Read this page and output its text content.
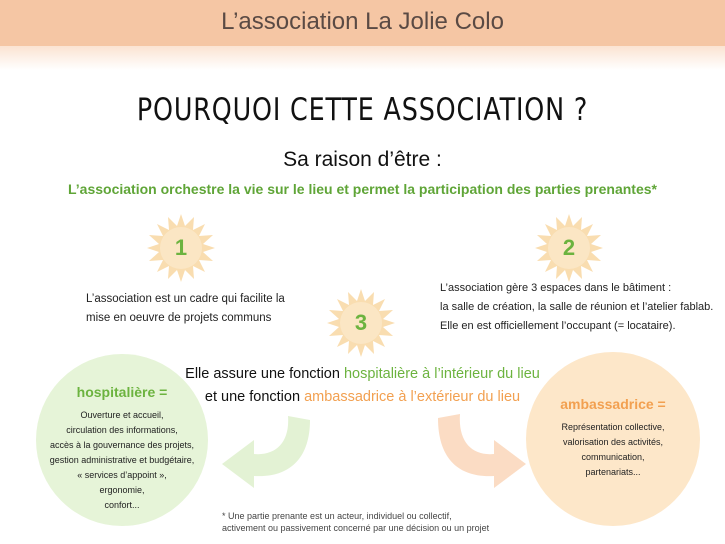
L’association La Jolie Colo
POURQUOI CETTE ASSOCIATION ?
Sa raison d’être :
L’association orchestre la vie sur le lieu et permet la participation des parties prenantes*
1	2
3
L’association est un cadre qui facilite la
mise en oeuvre de projets communs
L’association gère 3 espaces dans le bâtiment :
la salle de création, la salle de réunion et l’atelier fablab.
Elle en est officiellement l’occupant (= locataire).
Elle assure une fonction hospitalière à l’intérieur du lieu
et une fonction ambassadrice à l’extérieur du lieu
hospitalière =
Ouverture et accueil,
circulation des informations,
accès à la gouvernance des projets,
gestion administrative et budgétaire,
« services d’appoint »,
ergonomie,
confort...
ambassadrice =
Représentation collective,
valorisation des activités,
communication,
partenariats...
* Une partie prenante est un acteur, individuel ou collectif,
activement ou passivement concerné par une décision ou un projet
